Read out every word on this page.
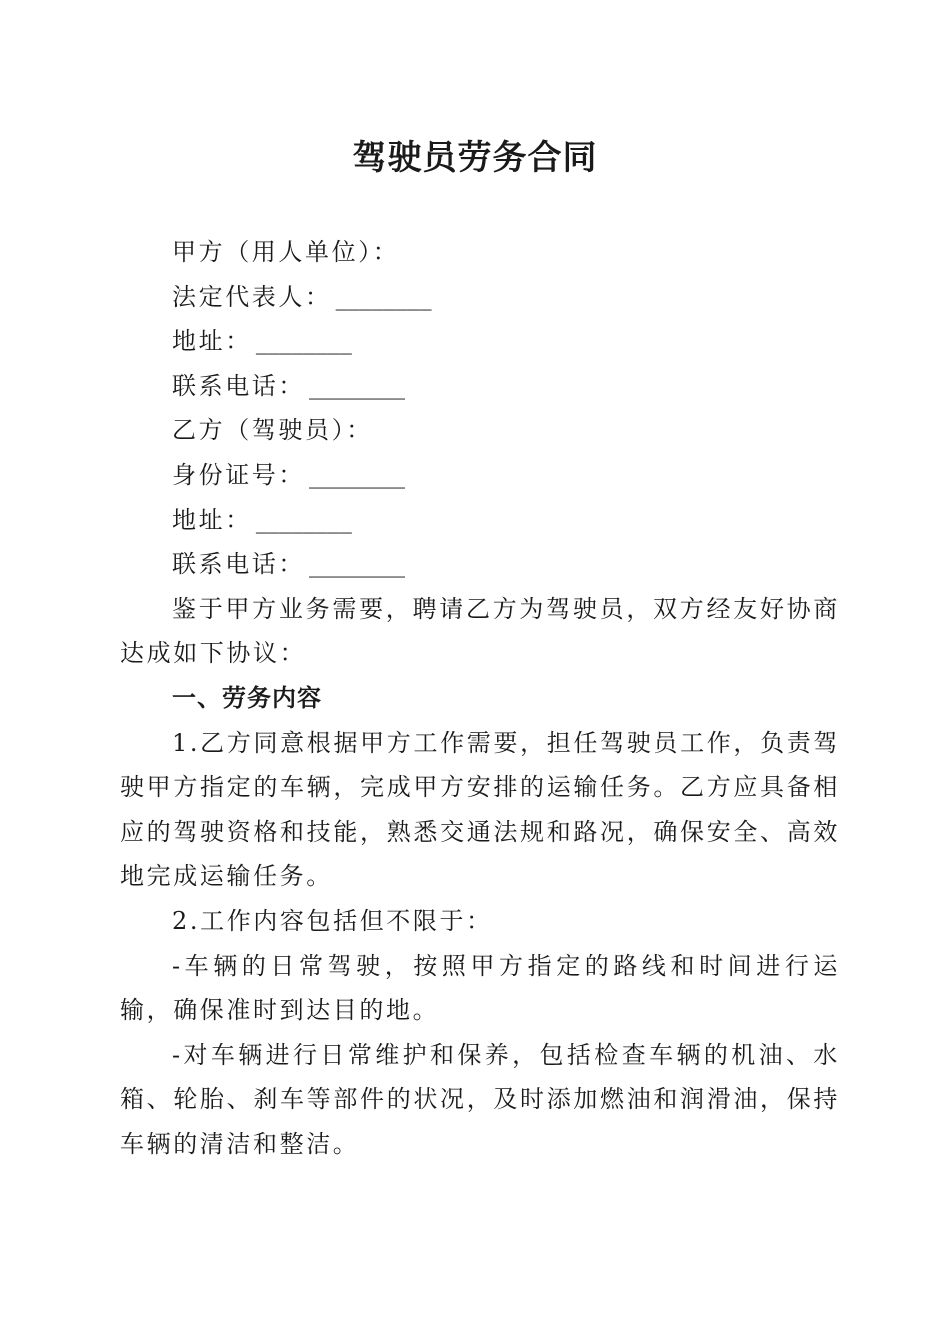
驾驶员劳务合同
甲方（用人单位）：
法定代表人： ________
地址： ________
联系电话： ________
乙方（驾驶员）：
身份证号： ________
地址： ________
联系电话： ________

鉴于甲方业务需要，聘请乙方为驾驶员，双方经友好协商达成如下协议：

一、劳务内容

1.乙方同意根据甲方工作需要，担任驾驶员工作，负责驾驶甲方指定的车辆，完成甲方安排的运输任务。乙方应具备相应的驾驶资格和技能，熟悉交通法规和路况，确保安全、高效地完成运输任务。

2.工作内容包括但不限于：

-车辆的日常驾驶，按照甲方指定的路线和时间进行运输，确保准时到达目的地。

-对车辆进行日常维护和保养，包括检查车辆的机油、水箱、轮胎、刹车等部件的状况，及时添加燃油和润滑油，保持车辆的清洁和整洁。
